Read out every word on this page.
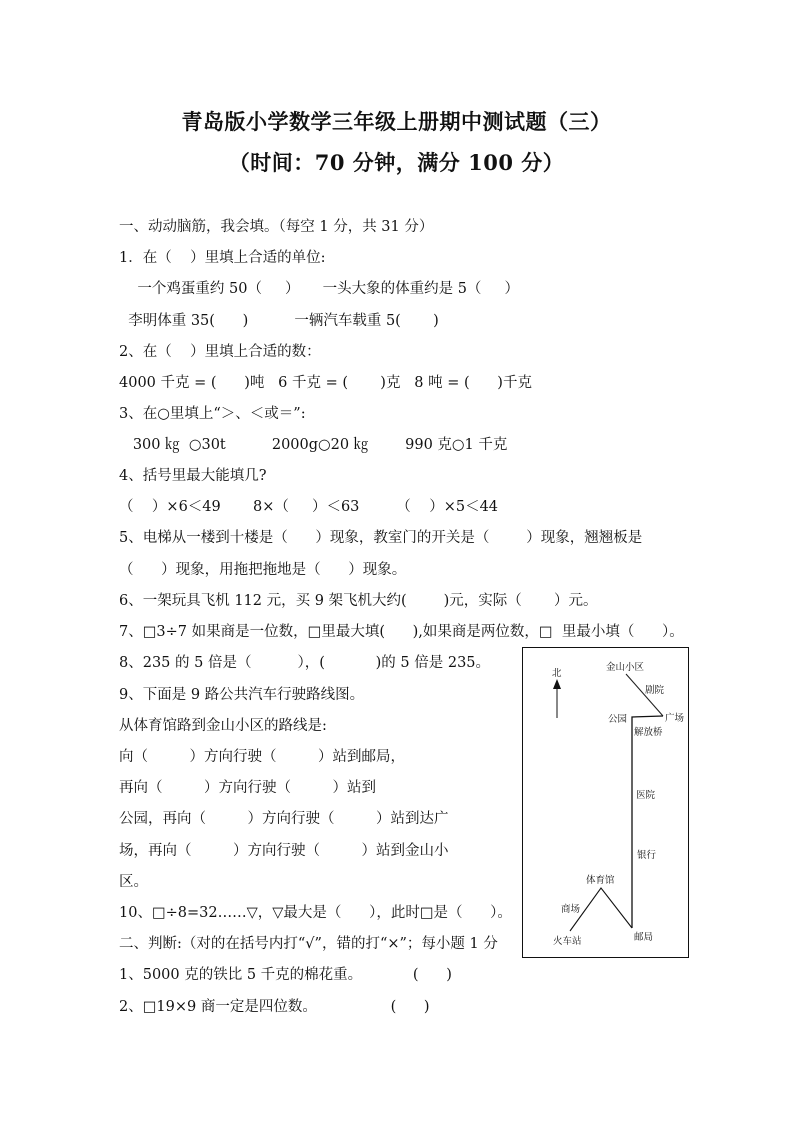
青岛版小学数学三年级上册期中测试题（三）
（时间：70 分钟，满分 100 分）
一、动动脑筋，我会填。（每空 1 分，共 31 分）
1．在（    ）里填上合适的单位:
一个鸡蛋重约 50（     ）     一头大象的体重约是 5（     ）
李明体重 35(      )          一辆汽车载重 5(       )
2、在（    ）里填上合适的数：
4000 千克 = (      )吨   6 千克 = (       )克   8 吨 = (      )千克
3、在○里填上“＞、＜或＝”:
300 ㎏  ○30t          2000g○20 ㎏        990 克○1 千克
4、括号里最大能填几?
（    ）×6＜49       8×（     ）＜63        （    ）×5＜44
5、电梯从一楼到十楼是（      ）现象，教室门的开关是（        ）现象，翘翘板是
（      ）现象，用拖把拖地是（      ）现象。
6、一架玩具飞机 112 元，买 9 架飞机大约(        )元，实际（       ）元。
7、□3÷7 如果商是一位数，□里最大填(      ),如果商是两位数，□  里最小填（      ）。
8、235 的 5 倍是（          ），(           )的 5 倍是 235。
9、下面是 9 路公共汽车行驶路线图。
从体育馆路到金山小区的路线是:
向（         ）方向行驶（         ）站到邮局，
再向（         ）方向行驶（         ）站到
公园，再向（         ）方向行驶（         ）站到达广
场，再向（         ）方向行驶（         ）站到金山小
区。
10、□÷8=32……▽，▽最大是（      ），此时□是（      ）。
二、判断:（对的在括号内打“√”，错的打“×”；每小题 1 分
1、5000 克的铁比 5 千克的棉花重。           (      )
2、□19×9 商一定是四位数。                (      )
北
金山小区
剧院
公园	广场
解放桥
医院
银行
体育馆
商场
火车站	邮局
